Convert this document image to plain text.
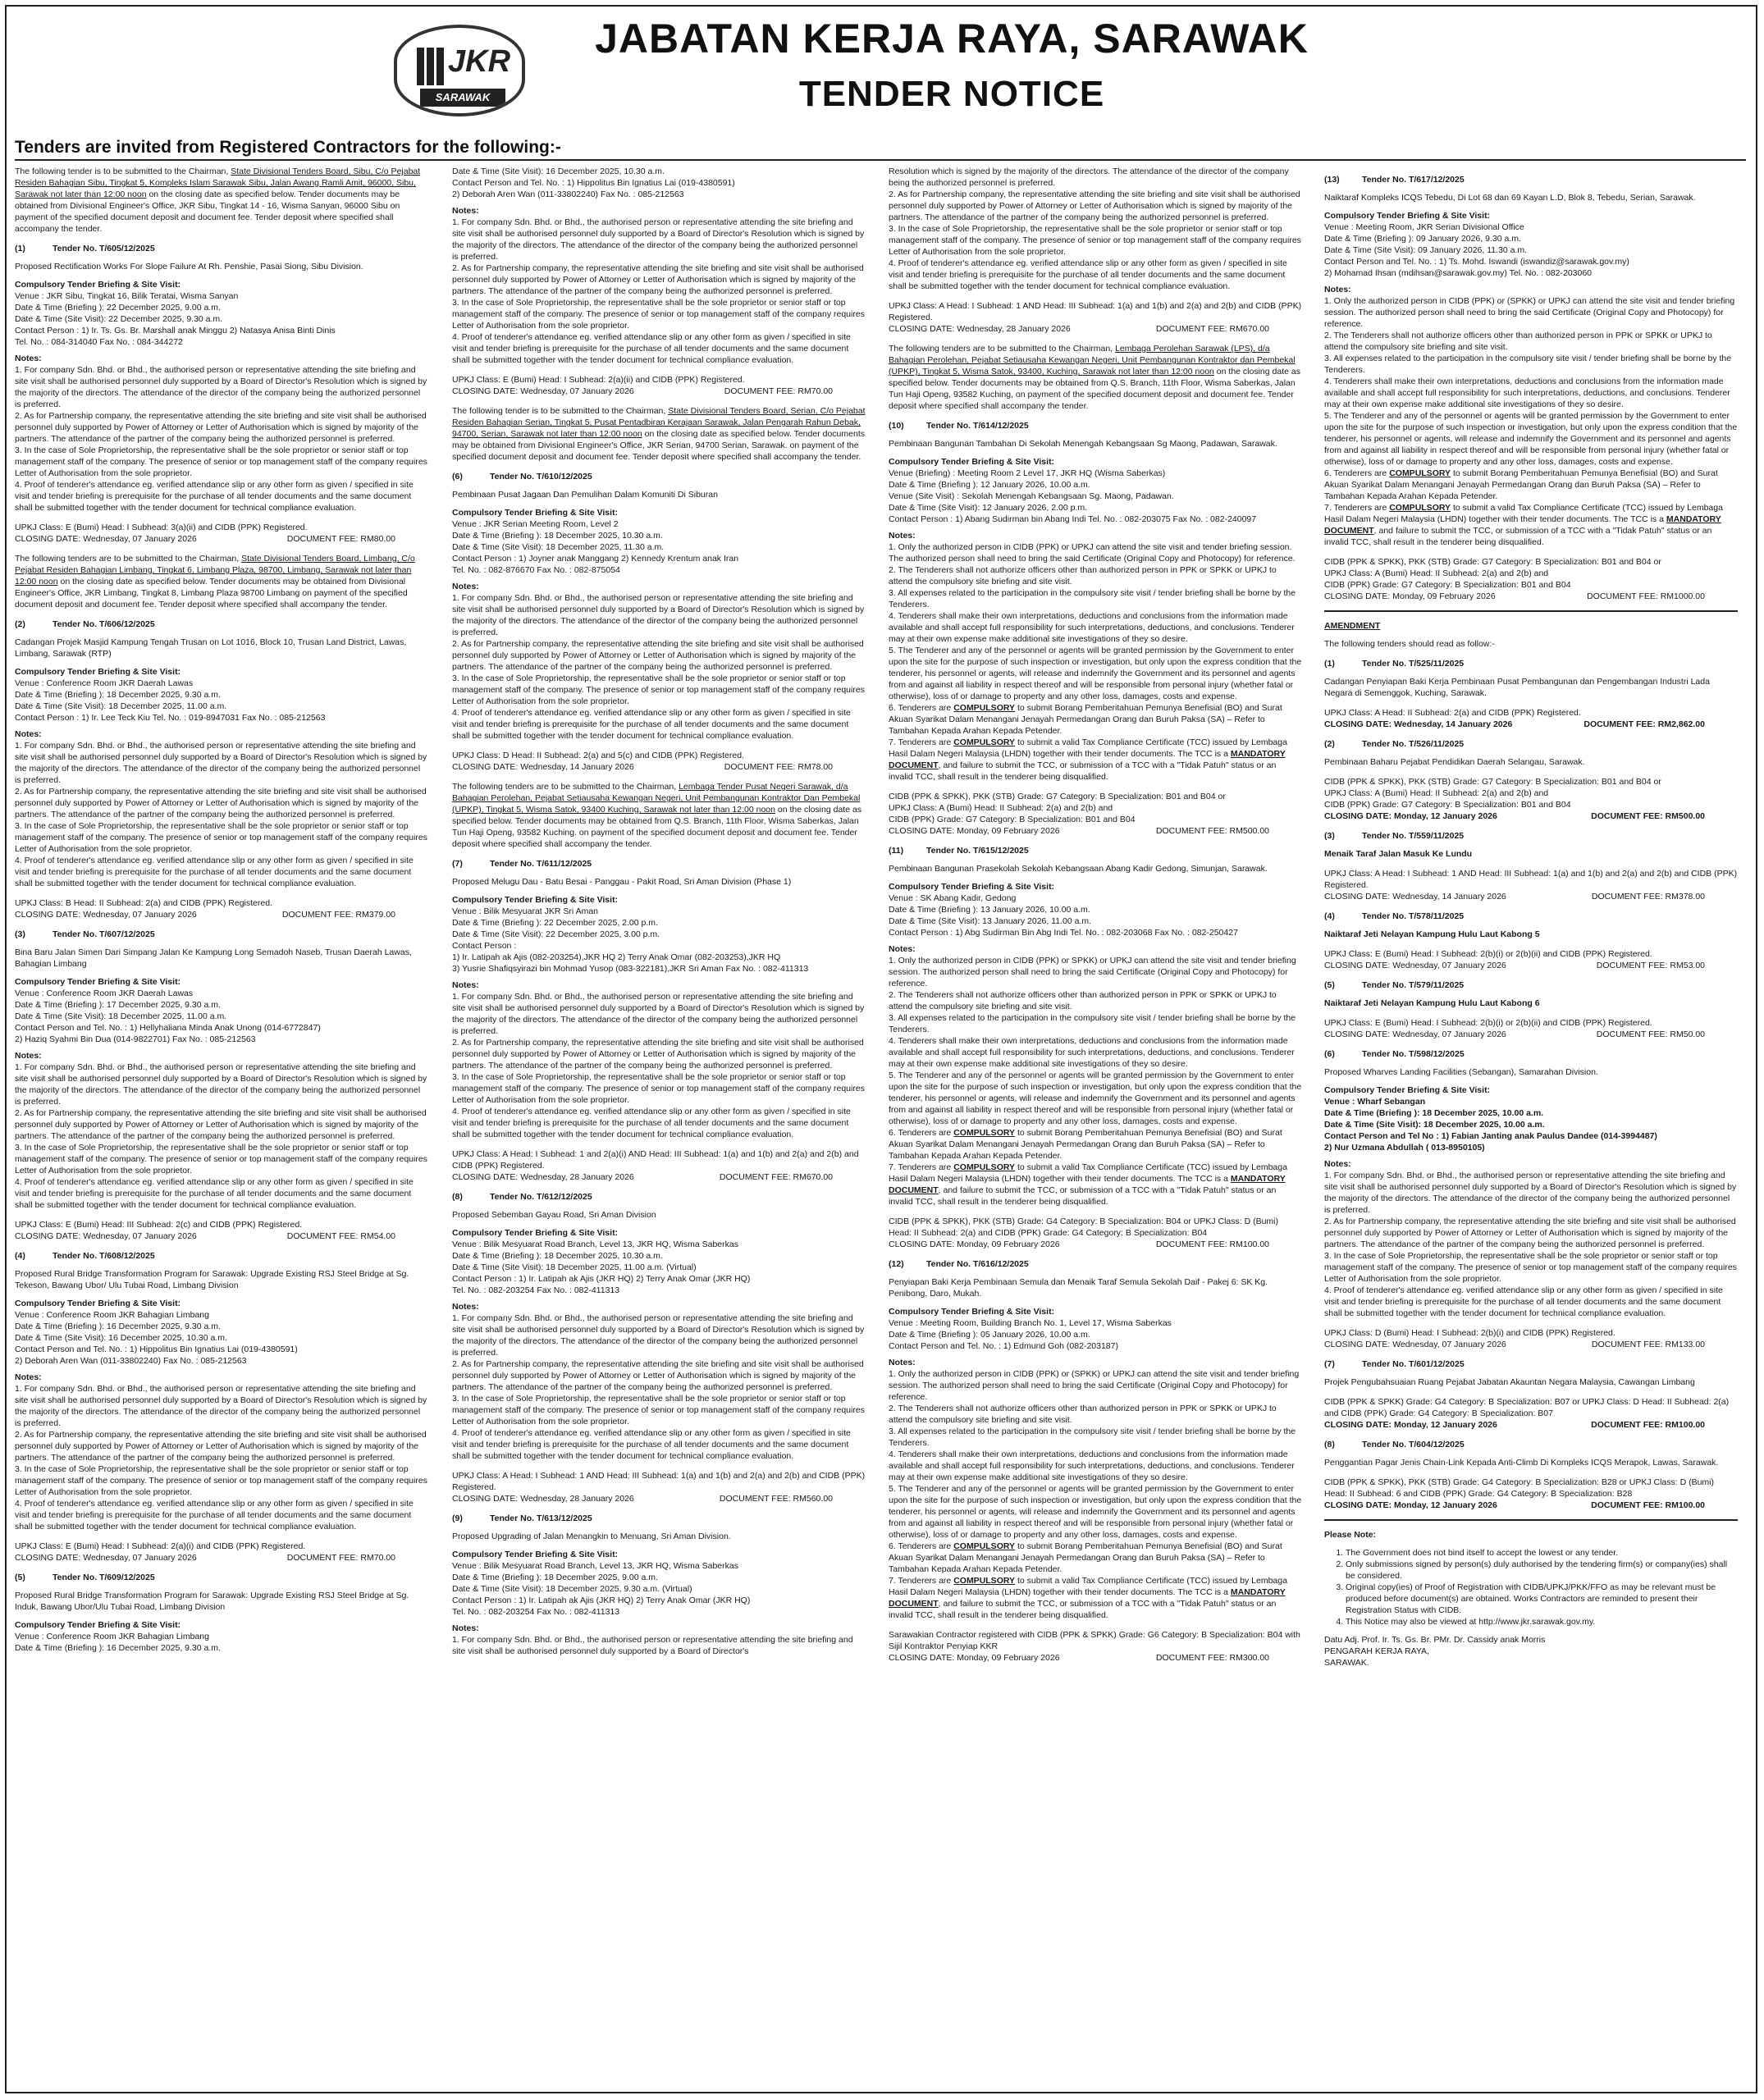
JKR
SARAWAK
JABATAN KERJA RAYA, SARAWAK
TENDER NOTICE
Tenders are invited from Registered Contractors for the following:-
The following tender is to be submitted to the Chairman, State Divisional Tenders Board, Sibu, C/o Pejabat Residen Bahagian Sibu, Tingkat 5, Kompleks Islam Sarawak Sibu, Jalan Awang Ramli Amit, 96000, Sibu, Sarawak not later than 12:00 noon on the closing date as specified below. Tender documents may be obtained from Divisional Engineer's Office, JKR Sibu, Tingkat 14 - 16, Wisma Sanyan, 96000 Sibu on payment of the specified document deposit and document fee. Tender deposit where specified shall accompany the tender.
(1)	Tender No. T/605/12/2025
Proposed Rectification Works For Slope Failure At Rh. Penshie, Pasai Siong, Sibu Division.
Compulsory Tender Briefing & Site Visit:
Venue : JKR Sibu, Tingkat 16, Bilik Teratai, Wisma Sanyan
Date & Time (Briefing ): 22 December 2025, 9.00 a.m.
Date & Time (Site Visit): 22 December 2025, 9.30 a.m.
Contact Person : 1) Ir. Ts. Gs. Br. Marshall anak Minggu 2) Natasya Anisa Binti Dinis
Tel. No. : 084-314040 Fax No. : 084-344272
Notes:
1. For company Sdn. Bhd. or Bhd., the authorised person or representative attending the site briefing and site visit shall be authorised personnel duly supported by a Board of Director's Resolution which is signed by the majority of the directors. The attendance of the director of the company being the authorized personnel is preferred.
2. As for Partnership company, the representative attending the site briefing and site visit shall be authorised personnel duly supported by Power of Attorney or Letter of Authorisation which is signed by majority of the partners. The attendance of the partner of the company being the authorized personnel is preferred.
3. In the case of Sole Proprietorship, the representative shall be the sole proprietor or senior staff or top management staff of the company. The presence of senior or top management staff of the company requires Letter of Authorisation from the sole proprietor.
4. Proof of tenderer's attendance eg. verified attendance slip or any other form as given / specified in site visit and tender briefing is prerequisite for the purchase of all tender documents and the same document shall be submitted together with the tender document for technical compliance evaluation.
UPKJ Class: E (Bumi) Head: I Subhead: 3(a)(ii) and CIDB (PPK) Registered.
CLOSING DATE: Wednesday, 07 January 2026	DOCUMENT FEE: RM80.00
The following tenders are to be submitted to the Chairman, State Divisional Tenders Board, Limbang, C/o Pejabat Residen Bahagian Limbang, Tingkat 6, Limbang Plaza, 98700, Limbang, Sarawak not later than 12:00 noon on the closing date as specified below. Tender documents may be obtained from Divisional Engineer's Office, JKR Limbang, Tingkat 8, Limbang Plaza 98700 Limbang on payment of the specified document deposit and document fee. Tender deposit where specified shall accompany the tender.
(2)	Tender No. T/606/12/2025
Cadangan Projek Masjid Kampung Tengah Trusan on Lot 1016, Block 10, Trusan Land District, Lawas, Limbang, Sarawak (RTP)
Compulsory Tender Briefing & Site Visit:
Venue : Conference Room JKR Daerah Lawas
Date & Time (Briefing ): 18 December 2025, 9.30 a.m.
Date & Time (Site Visit): 18 December 2025, 11.00 a.m.
Contact Person : 1) Ir. Lee Teck Kiu Tel. No. : 019-8947031 Fax No. : 085-212563
Notes:
1. For company Sdn. Bhd. or Bhd., the authorised person or representative attending the site briefing and site visit shall be authorised personnel duly supported by a Board of Director's Resolution which is signed by the majority of the directors. The attendance of the director of the company being the authorized personnel is preferred.
2. As for Partnership company, the representative attending the site briefing and site visit shall be authorised personnel duly supported by Power of Attorney or Letter of Authorisation which is signed by majority of the partners. The attendance of the partner of the company being the authorized personnel is preferred.
3. In the case of Sole Proprietorship, the representative shall be the sole proprietor or senior staff or top management staff of the company. The presence of senior or top management staff of the company requires Letter of Authorisation from the sole proprietor.
4. Proof of tenderer's attendance eg. verified attendance slip or any other form as given / specified in site visit and tender briefing is prerequisite for the purchase of all tender documents and the same document shall be submitted together with the tender document for technical compliance evaluation.
UPKJ Class: B Head: II Subhead: 2(a) and CIDB (PPK) Registered.
CLOSING DATE: Wednesday, 07 January 2026	DOCUMENT FEE: RM379.00
(3)	Tender No. T/607/12/2025
Bina Baru Jalan Simen Dari Simpang Jalan Ke Kampung Long Semadoh Naseb, Trusan Daerah Lawas, Bahagian Limbang
Compulsory Tender Briefing & Site Visit:
Venue : Conference Room JKR Daerah Lawas
Date & Time (Briefing ): 17 December 2025, 9.30 a.m.
Date & Time (Site Visit): 18 December 2025, 11.00 a.m.
Contact Person and Tel. No. : 1) Hellyhaliana Minda Anak Unong (014-6772847)
2) Haziq Syahmi Bin Dua (014-9822701) Fax No. : 085-212563
Notes:
1. For company Sdn. Bhd. or Bhd., the authorised person or representative attending the site briefing and site visit shall be authorised personnel duly supported by a Board of Director's Resolution which is signed by the majority of the directors. The attendance of the director of the company being the authorized personnel is preferred.
2. As for Partnership company, the representative attending the site briefing and site visit shall be authorised personnel duly supported by Power of Attorney or Letter of Authorisation which is signed by majority of the partners. The attendance of the partner of the company being the authorized personnel is preferred.
3. In the case of Sole Proprietorship, the representative shall be the sole proprietor or senior staff or top management staff of the company. The presence of senior or top management staff of the company requires Letter of Authorisation from the sole proprietor.
4. Proof of tenderer's attendance eg. verified attendance slip or any other form as given / specified in site visit and tender briefing is prerequisite for the purchase of all tender documents and the same document shall be submitted together with the tender document for technical compliance evaluation.
UPKJ Class: E (Bumi) Head: III Subhead: 2(c) and CIDB (PPK) Registered.
CLOSING DATE: Wednesday, 07 January 2026	DOCUMENT FEE: RM54.00
(4)	Tender No. T/608/12/2025
Proposed Rural Bridge Transformation Program for Sarawak: Upgrade Existing RSJ Steel Bridge at Sg. Tekeson, Bawang Ubor/ Ulu Tubai Road, Limbang Division
Compulsory Tender Briefing & Site Visit:
Venue : Conference Room JKR Bahagian Limbang
Date & Time (Briefing ): 16 December 2025, 9.30 a.m.
Date & Time (Site Visit): 16 December 2025, 10.30 a.m.
Contact Person and Tel. No. : 1) Hippolitus Bin Ignatius Lai (019-4380591)
2) Deborah Aren Wan (011-33802240) Fax No. : 085-212563
Notes:
1. For company Sdn. Bhd. or Bhd., the authorised person or representative attending the site briefing and site visit shall be authorised personnel duly supported by a Board of Director's Resolution which is signed by the majority of the directors. The attendance of the director of the company being the authorized personnel is preferred.
2. As for Partnership company, the representative attending the site briefing and site visit shall be authorised personnel duly supported by Power of Attorney or Letter of Authorisation which is signed by majority of the partners. The attendance of the partner of the company being the authorized personnel is preferred.
3. In the case of Sole Proprietorship, the representative shall be the sole proprietor or senior staff or top management staff of the company. The presence of senior or top management staff of the company requires Letter of Authorisation from the sole proprietor.
4. Proof of tenderer's attendance eg. verified attendance slip or any other form as given / specified in site visit and tender briefing is prerequisite for the purchase of all tender documents and the same document shall be submitted together with the tender document for technical compliance evaluation.
UPKJ Class: E (Bumi) Head: I Subhead: 2(a)(i) and CIDB (PPK) Registered.
CLOSING DATE: Wednesday, 07 January 2026	DOCUMENT FEE: RM70.00
(5)	Tender No. T/609/12/2025
Proposed Rural Bridge Transformation Program for Sarawak: Upgrade Existing RSJ Steel Bridge at Sg. Induk, Bawang Ubor/Ulu Tubai Road, Limbang Division
Compulsory Tender Briefing & Site Visit:
Venue : Conference Room JKR Bahagian Limbang
Date & Time (Briefing ): 16 December 2025, 9.30 a.m.
Date & Time (Site Visit): 16 December 2025, 10.30 a.m.
Contact Person and Tel. No. : 1) Hippolitus Bin Ignatius Lai (019-4380591)
2) Deborah Aren Wan (011-33802240) Fax No. : 085-212563
Notes:
1. For company Sdn. Bhd. or Bhd., the authorised person or representative attending the site briefing and site visit shall be authorised personnel duly supported by a Board of Director's Resolution which is signed by the majority of the directors. The attendance of the director of the company being the authorized personnel is preferred.
2. As for Partnership company, the representative attending the site briefing and site visit shall be authorised personnel duly supported by Power of Attorney or Letter of Authorisation which is signed by majority of the partners. The attendance of the partner of the company being the authorized personnel is preferred.
3. In the case of Sole Proprietorship, the representative shall be the sole proprietor or senior staff or top management staff of the company. The presence of senior or top management staff of the company requires Letter of Authorisation from the sole proprietor.
4. Proof of tenderer's attendance eg. verified attendance slip or any other form as given / specified in site visit and tender briefing is prerequisite for the purchase of all tender documents and the same document shall be submitted together with the tender document for technical compliance evaluation.
UPKJ Class: E (Bumi) Head: I Subhead: 2(a)(ii) and CIDB (PPK) Registered.
CLOSING DATE: Wednesday, 07 January 2026	DOCUMENT FEE: RM70.00
The following tender is to be submitted to the Chairman, State Divisional Tenders Board, Serian, C/o Pejabat Residen Bahagian Serian, Tingkat 5, Pusat Pentadbiran Kerajaan Sarawak, Jalan Pengarah Rahun Debak, 94700, Serian, Sarawak not later than 12:00 noon on the closing date as specified below. Tender documents may be obtained from Divisional Engineer's Office, JKR Serian, 94700 Serian, Sarawak. on payment of the specified document deposit and document fee. Tender deposit where specified shall accompany the tender.
(6)	Tender No. T/610/12/2025
Pembinaan Pusat Jagaan Dan Pemulihan Dalam Komuniti Di Siburan
Compulsory Tender Briefing & Site Visit:
Venue : JKR Serian Meeting Room, Level 2
Date & Time (Briefing ): 18 December 2025, 10.30 a.m.
Date & Time (Site Visit): 18 December 2025, 11.30 a.m.
Contact Person : 1) Joyner anak Manggang 2) Kennedy Krentum anak Iran
Tel. No. : 082-876670 Fax No. : 082-875054
Notes:
1. For company Sdn. Bhd. or Bhd., the authorised person or representative attending the site briefing and site visit shall be authorised personnel duly supported by a Board of Director's Resolution which is signed by the majority of the directors. The attendance of the director of the company being the authorized personnel is preferred.
2. As for Partnership company, the representative attending the site briefing and site visit shall be authorised personnel duly supported by Power of Attorney or Letter of Authorisation which is signed by majority of the partners. The attendance of the partner of the company being the authorized personnel is preferred.
3. In the case of Sole Proprietorship, the representative shall be the sole proprietor or senior staff or top management staff of the company. The presence of senior or top management staff of the company requires Letter of Authorisation from the sole proprietor.
4. Proof of tenderer's attendance eg. verified attendance slip or any other form as given / specified in site visit and tender briefing is prerequisite for the purchase of all tender documents and the same document shall be submitted together with the tender document for technical compliance evaluation.
UPKJ Class: D Head: II Subhead: 2(a) and 5(c) and CIDB (PPK) Registered.
CLOSING DATE: Wednesday, 14 January 2026	DOCUMENT FEE: RM78.00
The following tenders are to be submitted to the Chairman, Lembaga Tender Pusat Negeri Sarawak, d/a Bahagian Perolehan, Pejabat Setiausaha Kewangan Negeri, Unit Pembangunan Kontraktor Dan Pembekal (UPKP), Tingkat 5, Wisma Satok, 93400 Kuching, Sarawak not later than 12:00 noon on the closing date as specified below. Tender documents may be obtained from Q.S. Branch, 11th Floor, Wisma Saberkas, Jalan Tun Haji Openg, 93582 Kuching. on payment of the specified document deposit and document fee. Tender deposit where specified shall accompany the tender.
(7)	Tender No. T/611/12/2025
Proposed Melugu Dau - Batu Besai - Panggau - Pakit Road, Sri Aman Division (Phase 1)
Compulsory Tender Briefing & Site Visit:
Venue : Bilik Mesyuarat JKR Sri Aman
Date & Time (Briefing ): 22 December 2025, 2.00 p.m.
Date & Time (Site Visit): 22 December 2025, 3.00 p.m.
Contact Person :
1) Ir. Latipah ak Ajis (082-203254),JKR HQ 2) Terry Anak Omar (082-203253),JKR HQ
3) Yusrie Shafiqsyirazi bin Mohmad Yusop (083-322181),JKR Sri Aman Fax No. : 082-411313
Notes:
1. For company Sdn. Bhd. or Bhd., the authorised person or representative attending the site briefing and site visit shall be authorised personnel duly supported by a Board of Director's Resolution which is signed by the majority of the directors. The attendance of the director of the company being the authorized personnel is preferred.
2. As for Partnership company, the representative attending the site briefing and site visit shall be authorised personnel duly supported by Power of Attorney or Letter of Authorisation which is signed by majority of the partners. The attendance of the partner of the company being the authorized personnel is preferred.
3. In the case of Sole Proprietorship, the representative shall be the sole proprietor or senior staff or top management staff of the company. The presence of senior or top management staff of the company requires Letter of Authorisation from the sole proprietor.
4. Proof of tenderer's attendance eg. verified attendance slip or any other form as given / specified in site visit and tender briefing is prerequisite for the purchase of all tender documents and the same document shall be submitted together with the tender document for technical compliance evaluation.
UPKJ Class: A Head: I Subhead: 1 and 2(a)(i) AND Head: III Subhead: 1(a) and 1(b) and 2(a) and 2(b) and CIDB (PPK) Registered.
CLOSING DATE: Wednesday, 28 January 2026	DOCUMENT FEE: RM670.00
(8)	Tender No. T/612/12/2025
Proposed Sebemban Gayau Road, Sri Aman Division
Compulsory Tender Briefing & Site Visit:
Venue : Bilik Mesyuarat Road Branch, Level 13, JKR HQ, Wisma Saberkas
Date & Time (Briefing ): 18 December 2025, 10.30 a.m.
Date & Time (Site Visit): 18 December 2025, 11.00 a.m. (Virtual)
Contact Person : 1) Ir. Latipah ak Ajis (JKR HQ) 2) Terry Anak Omar (JKR HQ)
Tel. No. : 082-203254 Fax No. : 082-411313
Notes:
1. For company Sdn. Bhd. or Bhd., the authorised person or representative attending the site briefing and site visit shall be authorised personnel duly supported by a Board of Director's Resolution which is signed by the majority of the directors. The attendance of the director of the company being the authorized personnel is preferred.
2. As for Partnership company, the representative attending the site briefing and site visit shall be authorised personnel duly supported by Power of Attorney or Letter of Authorisation which is signed by majority of the partners. The attendance of the partner of the company being the authorized personnel is preferred.
3. In the case of Sole Proprietorship, the representative shall be the sole proprietor or senior staff or top management staff of the company. The presence of senior or top management staff of the company requires Letter of Authorisation from the sole proprietor.
4. Proof of tenderer's attendance eg. verified attendance slip or any other form as given / specified in site visit and tender briefing is prerequisite for the purchase of all tender documents and the same document shall be submitted together with the tender document for technical compliance evaluation.
UPKJ Class: A Head: I Subhead: 1 AND Head: III Subhead: 1(a) and 1(b) and 2(a) and 2(b) and CIDB (PPK) Registered.
CLOSING DATE: Wednesday, 28 January 2026	DOCUMENT FEE: RM560.00
(9)	Tender No. T/613/12/2025
Proposed Upgrading of Jalan Menangkin to Menuang, Sri Aman Division.
Compulsory Tender Briefing & Site Visit:
Venue : Bilik Mesyuarat Road Branch, Level 13, JKR HQ, Wisma Saberkas
Date & Time (Briefing ): 18 December 2025, 9.00 a.m.
Date & Time (Site Visit): 18 December 2025, 9.30 a.m. (Virtual)
Contact Person : 1) Ir. Latipah ak Ajis (JKR HQ) 2) Terry Anak Omar (JKR HQ)
Tel. No. : 082-203254 Fax No. : 082-411313
Notes:
1. For company Sdn. Bhd. or Bhd., the authorised person or representative attending the site briefing and site visit shall be authorised personnel duly supported by a Board of Director's
Resolution which is signed by the majority of the directors. The attendance of the director of the company being the authorized personnel is preferred.
2. As for Partnership company, the representative attending the site briefing and site visit shall be authorised personnel duly supported by Power of Attorney or Letter of Authorisation which is signed by majority of the partners. The attendance of the partner of the company being the authorized personnel is preferred.
3. In the case of Sole Proprietorship, the representative shall be the sole proprietor or senior staff or top management staff of the company. The presence of senior or top management staff of the company requires Letter of Authorisation from the sole proprietor.
4. Proof of tenderer's attendance eg. verified attendance slip or any other form as given / specified in site visit and tender briefing is prerequisite for the purchase of all tender documents and the same document shall be submitted together with the tender document for technical compliance evaluation.
UPKJ Class: A Head: I Subhead: 1 AND Head: III Subhead: 1(a) and 1(b) and 2(a) and 2(b) and CIDB (PPK) Registered.
CLOSING DATE: Wednesday, 28 January 2026	DOCUMENT FEE: RM670.00
The following tenders are to be submitted to the Chairman, Lembaga Perolehan Sarawak (LPS), d/a Bahagian Perolehan, Pejabat Setiausaha Kewangan Negeri, Unit Pembangunan Kontraktor dan Pembekal (UPKP), Tingkat 5, Wisma Satok, 93400, Kuching, Sarawak not later than 12:00 noon on the closing date as specified below. Tender documents may be obtained from Q.S. Branch, 11th Floor, Wisma Saberkas, Jalan Tun Haji Openg, 93582 Kuching, on payment of the specified document deposit and document fee. Tender deposit where specified shall accompany the tender.
(10)	Tender No. T/614/12/2025
Pembinaan Bangunan Tambahan Di Sekolah Menengah Kebangsaan Sg Maong, Padawan, Sarawak.
Compulsory Tender Briefing & Site Visit:
Venue (Briefing) : Meeting Room 2 Level 17, JKR HQ (Wisma Saberkas)
Date & Time (Briefing ): 12 January 2026, 10.00 a.m.
Venue (Site Visit) : Sekolah Menengah Kebangsaan Sg. Maong, Padawan.
Date & Time (Site Visit): 12 January 2026, 2.00 p.m.
Contact Person : 1) Abang Sudirman bin Abang Indi Tel. No. : 082-203075 Fax No. : 082-240097
Notes:
1. Only the authorized person in CIDB (PPK) or UPKJ can attend the site visit and tender briefing session. The authorized person shall need to bring the said Certificate (Original Copy and Photocopy) for reference.
2. The Tenderers shall not authorize officers other than authorized person in PPK or SPKK or UPKJ to attend the compulsory site briefing and site visit.
3. All expenses related to the participation in the compulsory site visit / tender briefing shall be borne by the Tenderers.
4. Tenderers shall make their own interpretations, deductions and conclusions from the information made available and shall accept full responsibility for such interpretations, deductions, and conclusions. Tenderer may at their own expense make additional site investigations of they so desire.
5. The Tenderer and any of the personnel or agents will be granted permission by the Government to enter upon the site for the purpose of such inspection or investigation, but only upon the express condition that the tenderer, his personnel or agents, will release and indemnify the Government and its personnel and agents from and against all liability in respect thereof and will be responsible from personal injury (whether fatal or otherwise), loss of or damage to property and any other loss, damages, costs and expense.
6. Tenderers are COMPULSORY to submit Borang Pemberitahuan Pemunya Benefisial (BO) and Surat Akuan Syarikat Dalam Menangani Jenayah Permedangan Orang dan Buruh Paksa (SA) – Refer to Tambahan Kepada Arahan Kepada Petender.
7. Tenderers are COMPULSORY to submit a valid Tax Compliance Certificate (TCC) issued by Lembaga Hasil Dalam Negeri Malaysia (LHDN) together with their tender documents. The TCC is a MANDATORY DOCUMENT, and failure to submit the TCC, or submission of a TCC with a "Tidak Patuh" status or an invalid TCC, shall result in the tenderer being disqualified.
CIDB (PPK & SPKK), PKK (STB) Grade: G7 Category: B Specialization: B01 and B04 or
UPKJ Class: A (Bumi) Head: II Subhead: 2(a) and 2(b) and
CIDB (PPK) Grade: G7 Category: B Specialization: B01 and B04
CLOSING DATE: Monday, 09 February 2026	DOCUMENT FEE: RM500.00
(11)	Tender No. T/615/12/2025
Pembinaan Bangunan Prasekolah Sekolah Kebangsaan Abang Kadir Gedong, Simunjan, Sarawak.
Compulsory Tender Briefing & Site Visit:
Venue : SK Abang Kadir, Gedong
Date & Time (Briefing ): 13 January 2026, 10.00 a.m.
Date & Time (Site Visit): 13 January 2026, 11.00 a.m.
Contact Person : 1) Abg Sudirman Bin Abg Indi Tel. No. : 082-203068 Fax No. : 082-250427
Notes:
1. Only the authorized person in CIDB (PPK) or SPKK) or UPKJ can attend the site visit and tender briefing session. The authorized person shall need to bring the said Certificate (Original Copy and Photocopy) for reference.
2. The Tenderers shall not authorize officers other than authorized person in PPK or SPKK or UPKJ to attend the compulsory site briefing and site visit.
3. All expenses related to the participation in the compulsory site visit / tender briefing shall be borne by the Tenderers.
4. Tenderers shall make their own interpretations, deductions and conclusions from the information made available and shall accept full responsibility for such interpretations, deductions, and conclusions. Tenderer may at their own expense make additional site investigations of they so desire.
5. The Tenderer and any of the personnel or agents will be granted permission by the Government to enter upon the site for the purpose of such inspection or investigation, but only upon the express condition that the tenderer, his personnel or agents, will release and indemnify the Government and its personnel and agents from and against all liability in respect thereof and will be responsible from personal injury (whether fatal or otherwise), loss of or damage to property and any other loss, damages, costs and expense.
6. Tenderers are COMPULSORY to submit Borang Pemberitahuan Pemunya Benefisial (BO) and Surat Akuan Syarikat Dalam Menangani Jenayah Permedangan Orang dan Buruh Paksa (SA) – Refer to Tambahan Kepada Arahan Kepada Petender.
7. Tenderers are COMPULSORY to submit a valid Tax Compliance Certificate (TCC) issued by Lembaga Hasil Dalam Negeri Malaysia (LHDN) together with their tender documents. The TCC is a MANDATORY DOCUMENT, and failure to submit the TCC, or submission of a TCC with a "Tidak Patuh" status or an invalid TCC, shall result in the tenderer being disqualified.
CIDB (PPK & SPKK), PKK (STB) Grade: G4 Category: B Specialization: B04 or UPKJ Class: D (Bumi) Head: II Subhead: 2(a) and CIDB (PPK) Grade: G4 Category: B Specialization: B04
CLOSING DATE: Monday, 09 February 2026	DOCUMENT FEE: RM100.00
(12)	Tender No. T/616/12/2025
Penyiapan Baki Kerja Pembinaan Semula dan Menaik Taraf Semula Sekolah Daif - Pakej 6: SK Kg. Penibong, Daro, Mukah.
Compulsory Tender Briefing & Site Visit:
Venue : Meeting Room, Building Branch No. 1, Level 17, Wisma Saberkas
Date & Time (Briefing ): 05 January 2026, 10.00 a.m.
Contact Person and Tel. No. : 1) Edmund Goh (082-203187)
Notes:
1. Only the authorized person in CIDB (PPK) or (SPKK) or UPKJ can attend the site visit and tender briefing session. The authorized person shall need to bring the said Certificate (Original Copy and Photocopy) for reference.
2. The Tenderers shall not authorize officers other than authorized person in PPK or SPKK or UPKJ to attend the compulsory site briefing and site visit.
3. All expenses related to the participation in the compulsory site visit / tender briefing shall be borne by the Tenderers.
4. Tenderers shall make their own interpretations, deductions and conclusions from the information made available and shall accept full responsibility for such interpretations, deductions, and conclusions. Tenderer may at their own expense make additional site investigations of they so desire.
5. The Tenderer and any of the personnel or agents will be granted permission by the Government to enter upon the site for the purpose of such inspection or investigation, but only upon the express condition that the tenderer, his personnel or agents, will release and indemnify the Government and its personnel and agents from and against all liability in respect thereof and will be responsible from personal injury (whether fatal or otherwise), loss of or damage to property and any other loss, damages, costs and expense.
6. Tenderers are COMPULSORY to submit Borang Pemberitahuan Pemunya Benefisial (BO) and Surat Akuan Syarikat Dalam Menangani Jenayah Permedangan Orang dan Buruh Paksa (SA) – Refer to Tambahan Kepada Arahan Kepada Petender.
7. Tenderers are COMPULSORY to submit a valid Tax Compliance Certificate (TCC) issued by Lembaga Hasil Dalam Negeri Malaysia (LHDN) together with their tender documents. The TCC is a MANDATORY DOCUMENT, and failure to submit the TCC, or submission of a TCC with a "Tidak Patuh" status or an invalid TCC, shall result in the tenderer being disqualified.
Sarawakian Contractor registered with CIDB (PPK & SPKK) Grade: G6 Category: B Specialization: B04 with Sijil Kontraktor Penyiap KKR
CLOSING DATE: Monday, 09 February 2026	DOCUMENT FEE: RM300.00
(13)	Tender No. T/617/12/2025
Naiktaraf Kompleks ICQS Tebedu, Di Lot 68 dan 69 Kayan L.D, Blok 8, Tebedu, Serian, Sarawak.
Compulsory Tender Briefing & Site Visit:
Venue : Meeting Room, JKR Serian Divisional Office
Date & Time (Briefing ): 09 January 2026, 9.30 a.m.
Date & Time (Site Visit): 09 January 2026, 11.30 a.m.
Contact Person and Tel. No. : 1) Ts. Mohd. Iswandi (iswandiz@sarawak.gov.my)
2) Mohamad Ihsan (mdihsan@sarawak.gov.my) Tel. No. : 082-203060
Notes:
1. Only the authorized person in CIDB (PPK) or (SPKK) or UPKJ can attend the site visit and tender briefing session. The authorized person shall need to bring the said Certificate (Original Copy and Photocopy) for reference.
2. The Tenderers shall not authorize officers other than authorized person in PPK or SPKK or UPKJ to attend the compulsory site briefing and site visit.
3. All expenses related to the participation in the compulsory site visit / tender briefing shall be borne by the Tenderers.
4. Tenderers shall make their own interpretations, deductions and conclusions from the information made available and shall accept full responsibility for such interpretations, deductions, and conclusions. Tenderer may at their own expense make additional site investigations of they so desire.
5. The Tenderer and any of the personnel or agents will be granted permission by the Government to enter upon the site for the purpose of such inspection or investigation, but only upon the express condition that the tenderer, his personnel or agents, will release and indemnify the Government and its personnel and agents from and against all liability in respect thereof and will be responsible from personal injury (whether fatal or otherwise), loss of or damage to property and any other loss, damages, costs and expense.
6. Tenderers are COMPULSORY to submit Borang Pemberitahuan Pemunya Benefisial (BO) and Surat Akuan Syarikat Dalam Menangani Jenayah Permedangan Orang dan Buruh Paksa (SA) – Refer to Tambahan Kepada Arahan Kepada Petender.
7. Tenderers are COMPULSORY to submit a valid Tax Compliance Certificate (TCC) issued by Lembaga Hasil Dalam Negeri Malaysia (LHDN) together with their tender documents. The TCC is a MANDATORY DOCUMENT, and failure to submit the TCC, or submission of a TCC with a "Tidak Patuh" status or an invalid TCC, shall result in the tenderer being disqualified.
CIDB (PPK & SPKK), PKK (STB) Grade: G7 Category: B Specialization: B01 and B04 or
UPKJ Class: A (Bumi) Head: II Subhead: 2(a) and 2(b) and
CIDB (PPK) Grade: G7 Category: B Specialization: B01 and B04
CLOSING DATE: Monday, 09 February 2026	DOCUMENT FEE: RM1000.00
AMENDMENT
The following tenders should read as follow:-
(1)	Tender No. T/525/11/2025
Cadangan Penyiapan Baki Kerja Pembinaan Pusat Pembangunan dan Pengembangan Industri Lada Negara di Semenggok, Kuching, Sarawak.
UPKJ Class: A Head: II Subhead: 2(a) and CIDB (PPK) Registered.
CLOSING DATE: Wednesday, 14 January 2026	DOCUMENT FEE: RM2,862.00
(2)	Tender No. T/526/11/2025
Pembinaan Baharu Pejabat Pendidikan Daerah Selangau, Sarawak.
CIDB (PPK & SPKK), PKK (STB) Grade: G7 Category: B Specialization: B01 and B04 or
UPKJ Class: A (Bumi) Head: II Subhead: 2(a) and 2(b) and
CIDB (PPK) Grade: G7 Category: B Specialization: B01 and B04
CLOSING DATE: Monday, 12 January 2026	DOCUMENT FEE: RM500.00
(3)	Tender No. T/559/11/2025
Menaik Taraf Jalan Masuk Ke Lundu
UPKJ Class: A Head: I Subhead: 1 AND Head: III Subhead: 1(a) and 1(b) and 2(a) and 2(b) and CIDB (PPK) Registered.
CLOSING DATE: Wednesday, 14 January 2026	DOCUMENT FEE: RM378.00
(4)	Tender No. T/578/11/2025
Naiktaraf Jeti Nelayan Kampung Hulu Laut Kabong 5
UPKJ Class: E (Bumi) Head: I Subhead: 2(b)(i) or 2(b)(ii) and CIDB (PPK) Registered.
CLOSING DATE: Wednesday, 07 January 2026	DOCUMENT FEE: RM53.00
(5)	Tender No. T/579/11/2025
Naiktaraf Jeti Nelayan Kampung Hulu Laut Kabong 6
UPKJ Class: E (Bumi) Head: I Subhead: 2(b)(i) or 2(b)(ii) and CIDB (PPK) Registered.
CLOSING DATE: Wednesday, 07 January 2026	DOCUMENT FEE: RM50.00
(6)	Tender No. T/598/12/2025
Proposed Wharves Landing Facilities (Sebangan), Samarahan Division.
Compulsory Tender Briefing & Site Visit:
Venue : Wharf Sebangan
Date & Time (Briefing ): 18 December 2025, 10.00 a.m.
Date & Time (Site Visit): 18 December 2025, 10.00 a.m.
Contact Person and Tel No : 1) Fabian Janting anak Paulus Dandee (014-3994487)
2) Nur Uzmana Abdullah ( 013-8950105)
Notes:
1. For company Sdn. Bhd. or Bhd., the authorised person or representative attending the site briefing and site visit shall be authorised personnel duly supported by a Board of Director's Resolution which is signed by the majority of the directors. The attendance of the director of the company being the authorized personnel is preferred.
2. As for Partnership company, the representative attending the site briefing and site visit shall be authorised personnel duly supported by Power of Attorney or Letter of Authorisation which is signed by majority of the partners. The attendance of the partner of the company being the authorized personnel is preferred.
3. In the case of Sole Proprietorship, the representative shall be the sole proprietor or senior staff or top management staff of the company. The presence of senior or top management staff of the company requires Letter of Authorisation from the sole proprietor.
4. Proof of tenderer's attendance eg. verified attendance slip or any other form as given / specified in site visit and tender briefing is prerequisite for the purchase of all tender documents and the same document shall be submitted together with the tender document for technical compliance evaluation.
UPKJ Class: D (Bumi) Head: I Subhead: 2(b)(i) and CIDB (PPK) Registered.
CLOSING DATE: Wednesday, 07 January 2026	DOCUMENT FEE: RM133.00
(7)	Tender No. T/601/12/2025
Projek Pengubahsuaian Ruang Pejabat Jabatan Akauntan Negara Malaysia, Cawangan Limbang
CIDB (PPK & SPKK) Grade: G4 Category: B Specialization: B07 or UPKJ Class: D Head: II Subhead: 2(a) and CIDB (PPK) Grade: G4 Category: B Specialization: B07
CLOSING DATE: Monday, 12 January 2026	DOCUMENT FEE: RM100.00
(8)	Tender No. T/604/12/2025
Penggantian Pagar Jenis Chain-Link Kepada Anti-Climb Di Kompleks ICQS Merapok, Lawas, Sarawak.
CIDB (PPK & SPKK), PKK (STB) Grade: G4 Category: B Specialization: B28 or UPKJ Class: D (Bumi) Head: II Subhead: 6 and CIDB (PPK) Grade: G4 Category: B Specialization: B28
CLOSING DATE: Monday, 12 January 2026	DOCUMENT FEE: RM100.00
Please Note:
1. The Government does not bind itself to accept the lowest or any tender.
2. Only submissions signed by person(s) duly authorised by the tendering firm(s) or company(ies) shall be considered.
3. Original copy(ies) of Proof of Registration with CIDB/UPKJ/PKK/FFO as may be relevant must be produced before document(s) are obtained. Works Contractors are reminded to present their Registration Status with CIDB.
4. This Notice may also be viewed at http://www.jkr.sarawak.gov.my.
Datu Adj. Prof. Ir. Ts. Gs. Br. PMr. Dr. Cassidy anak Morris
PENGARAH KERJA RAYA,
SARAWAK.
